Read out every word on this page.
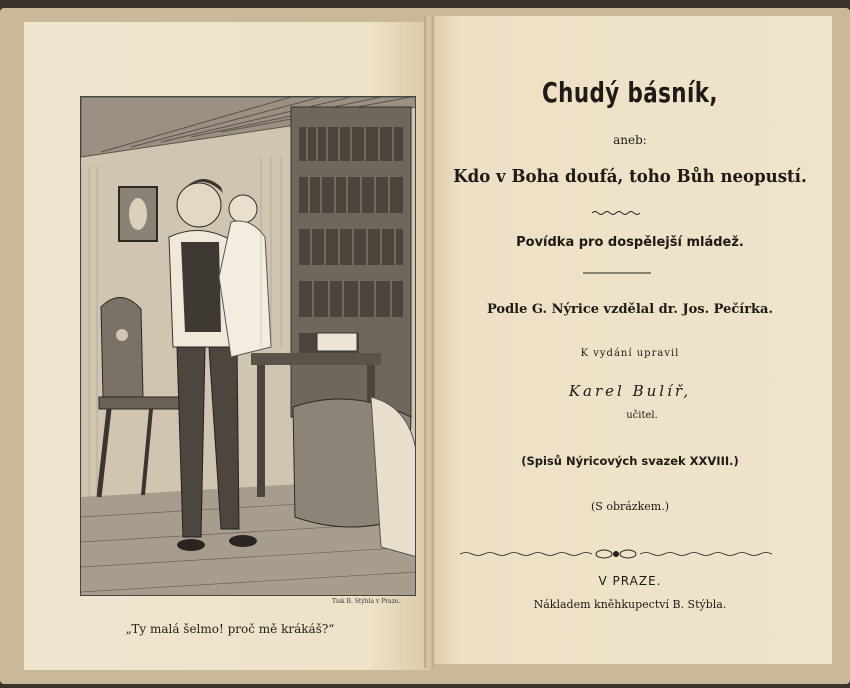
Tisk B. Stýbla v Praze.
„Ty malá šelmo! proč mě krákáš?“
Chudý básník,
aneb:
Kdo v Boha doufá, toho Bůh neopustí.
Povídka pro dospělejší mládež.
Podle G. Nýrice vzdělal dr. Jos. Pečírka.
K vydání upravil
Karel Bulíř,
učitel.
(Spisů Nýricových svazek XXVIII.)
(S obrázkem.)
V PRAZE.
Nákladem kněhkupectví B. Stýbla.
